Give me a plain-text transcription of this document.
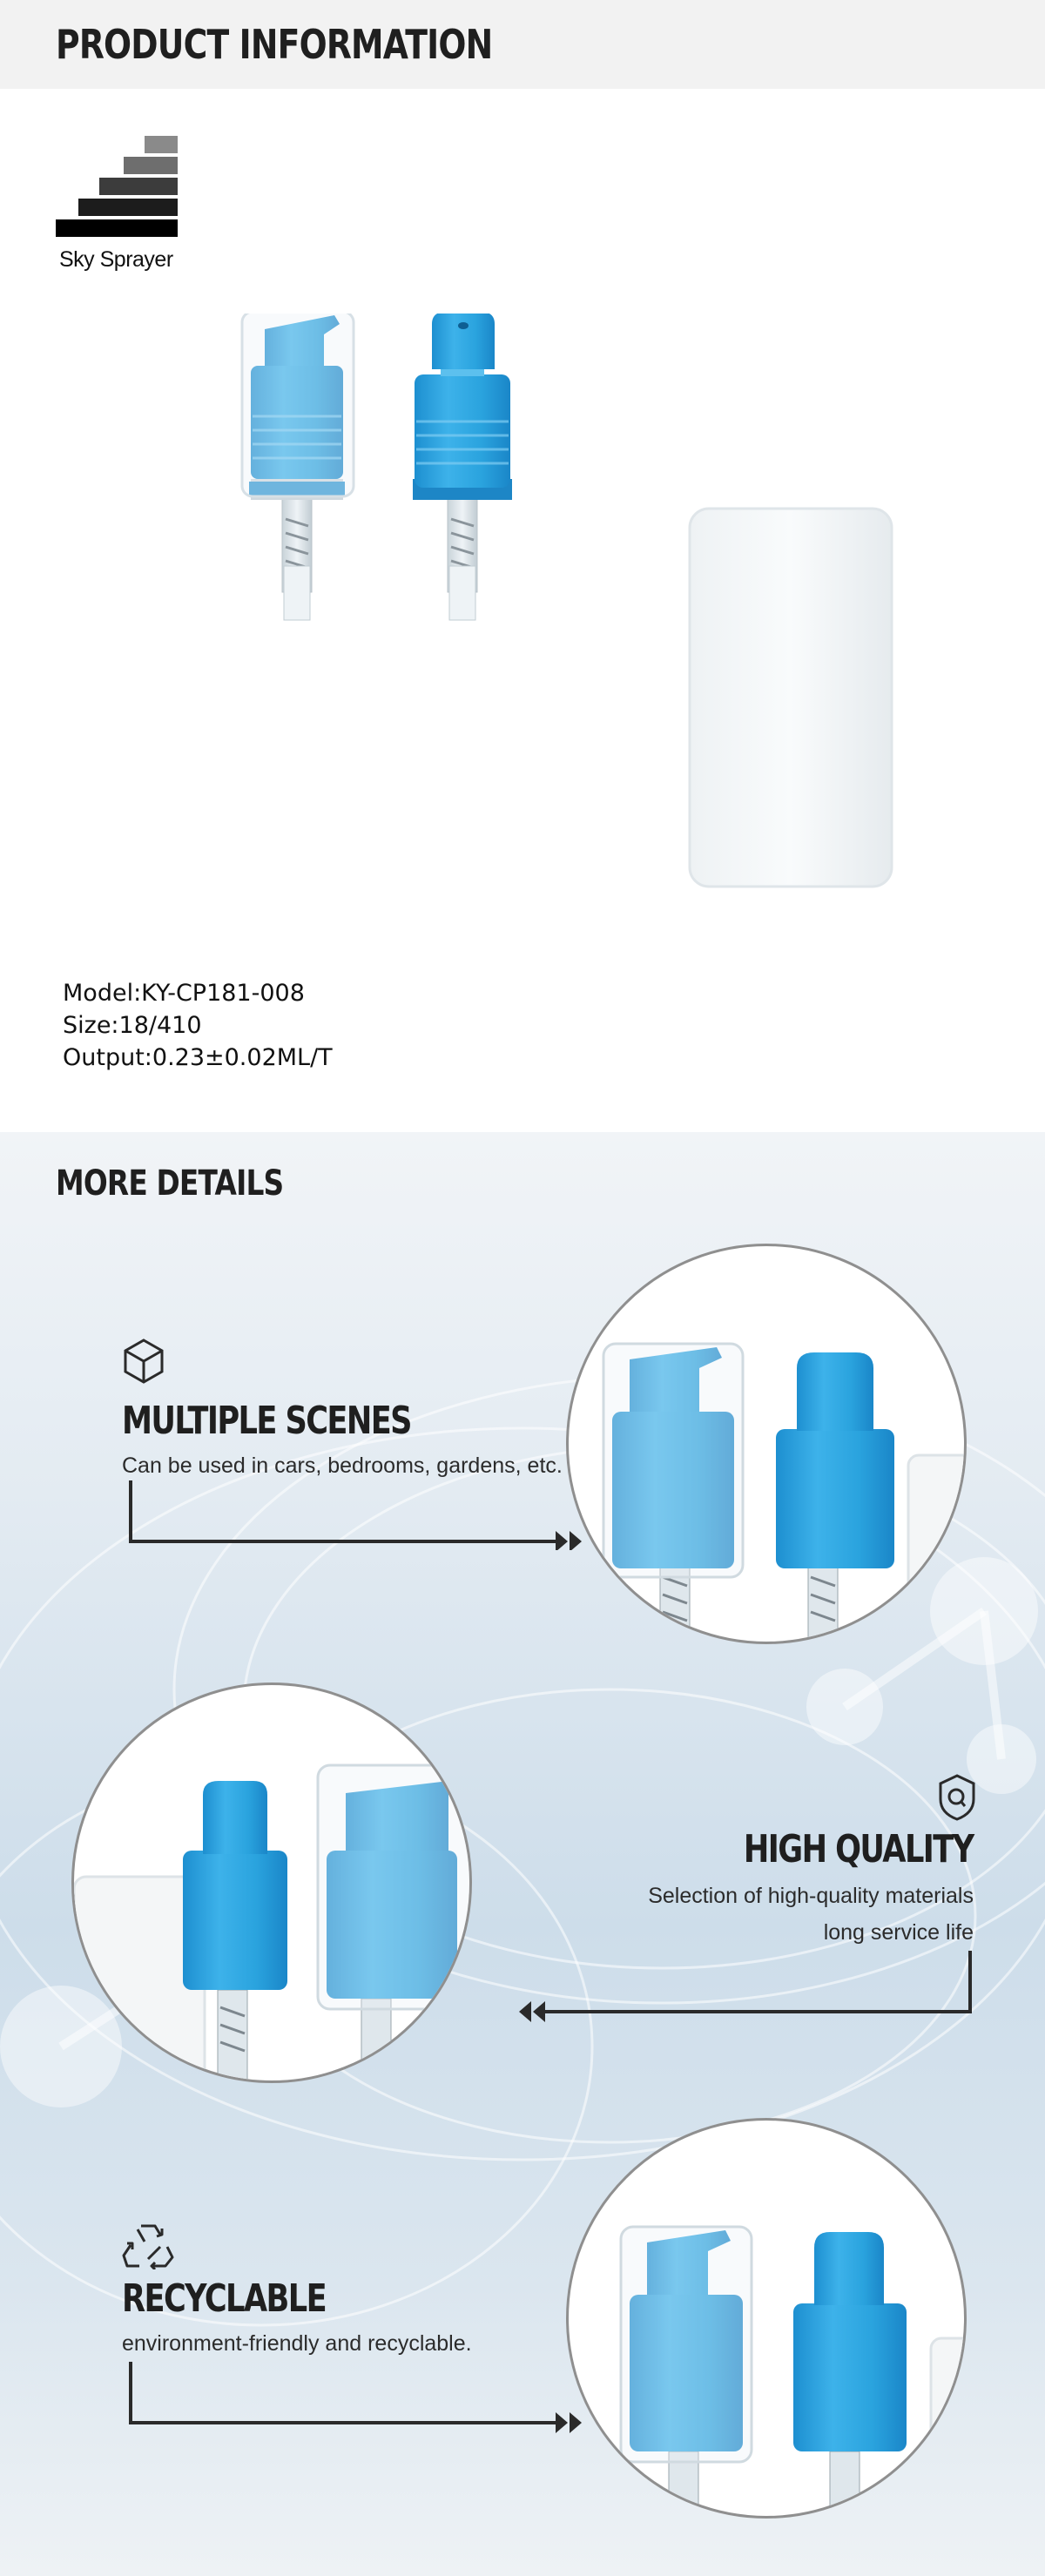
PRODUCT INFORMATION
Sky Sprayer
Model:KY-CP181-008
Size:18/410
Output:0.23±0.02ML/T
MORE DETAILS
MULTIPLE SCENES
Can be used in cars, bedrooms, gardens, etc.
HIGH QUALITY
Selection of high-quality materials
long service life
RECYCLABLE
environment-friendly and recyclable.
